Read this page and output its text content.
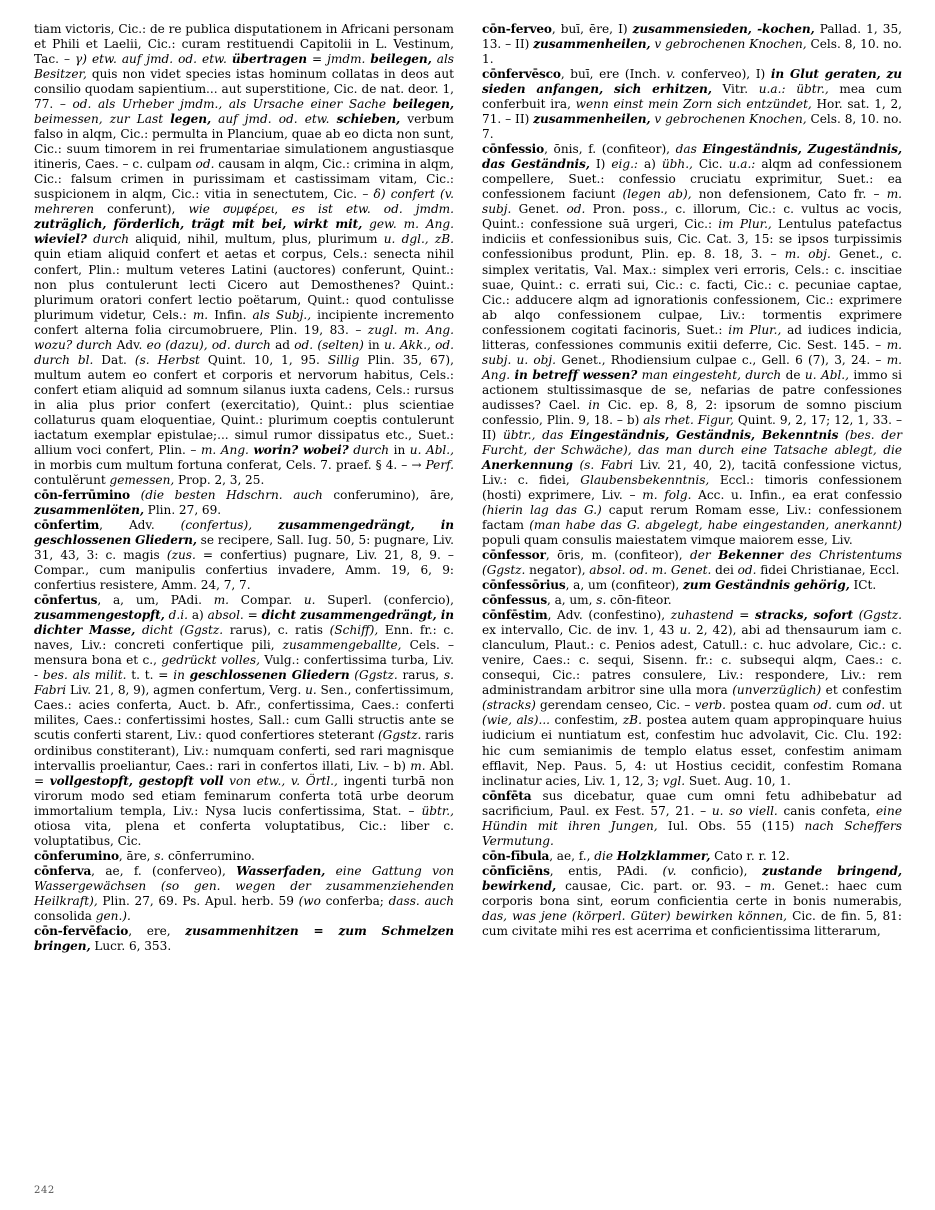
tiam victoris, Cic.: de re publica disputationem in Africani personam et Phili et Laelii, Cic.: curam restituendi Capitolii in L. Vestinum, Tac. – γ) etw. auf jmd. od. etw. übertragen = jmdm. beilegen, als Besitzer, quis non videt species istas hominum collatas in deos aut consilio quodam sapientium... aut superstitione, Cic. de nat. deor. 1, 77. – od. als Urheber jmdm., als Ursache einer Sache beilegen, beimessen, zur Last legen, auf jmd. od. etw. schieben, verbum falso in alqm, Cic.: permulta in Plancium, quae ab eo dicta non sunt, Cic.: suum timorem in rei frumentariae simulationem angustiasque itineris, Caes. – c. culpam od. causam in alqm, Cic.: crimina in alqm, Cic.: falsum crimen in purissimam et castissimam vitam, Cic.: suspicionem in alqm, Cic.: vitia in senectutem, Cic. – δ) confert (v. mehreren conferunt), wie συμφέρει, es ist etw. od. jmdm. zuträglich, förderlich, trägt mit bei, wirkt mit, gew. m. Ang. wieviel? durch aliquid, nihil, multum, plus, plurimum u. dgl., zB. quin etiam aliquid confert et aetas et corpus, Cels.: senecta nihil confert, Plin.: multum veteres Latini (auctores) conferunt, Quint.: non plus contulerunt lecti Cicero aut Demosthenes? Quint.: plurimum oratori confert lectio poëtarum, Quint.: quod contulisse plurimum videtur, Cels.: m. Infin. als Subj., incipiente incremento confert alterna folia circumobruere, Plin. 19, 83. – zugl. m. Ang. wozu? durch Adv. eo (dazu), od. durch ad od. (selten) in u. Akk., od. durch bl. Dat. (s. Herbst Quint. 10, 1, 95. Sillig Plin. 35, 67), multum autem eo confert et corporis et nervorum habitus, Cels.: confert etiam aliquid ad somnum silanus iuxta cadens, Cels.: rursus in alia plus prior confert (exercitatio), Quint.: plus scientiae collaturus quam eloquentiae, Quint.: plurimum coeptis contulerunt iactatum exemplar epistulae;... simul rumor dissipatus etc., Suet.: allium voci confert, Plin. – m. Ang. worin? wobei? durch in u. Abl., in morbis cum multum fortuna conferat, Cels. 7. praef. § 4. – → Perf. contulĕrunt gemessen, Prop. 2, 3, 25.

cōn-ferrūmino (die besten Hdschrn. auch conferumino), āre, zusammenlöten, Plin. 27, 69.

cōnfertim, Adv. (confertus), zusammengedrängt, in geschlossenen Gliedern, se recipere, Sall. Iug. 50, 5: pugnare, Liv. 31, 43, 3: c. magis (zus. = confertius) pugnare, Liv. 21, 8, 9. – Compar., cum manipulis confertius invadere, Amm. 19, 6, 9: confertius resistere, Amm. 24, 7, 7.

cōnfertus, a, um, PAdi. m. Compar. u. Superl. (confercio), zusammengestopft, d.i. a) absol. = dicht zusammengedrängt, in dichter Masse, dicht (Ggstz. rarus), c. ratis (Schiff), Enn. fr.: c. naves, Liv.: concreti confertique pili, zusammengeballte, Cels. – mensura bona et c., gedrückt volles, Vulg.: confertissima turba, Liv. - bes. als milit. t. t. = in geschlossenen Gliedern (Ggstz. rarus, s. Fabri Liv. 21, 8, 9), agmen confertum, Verg. u. Sen., confertissimum, Caes.: acies conferta, Auct. b. Afr., confertissima, Caes.: conferti milites, Caes.: confertissimi hostes, Sall.: cum Galli structis ante se scutis conferti starent, Liv.: quod confertiores steterant (Ggstz. raris ordinibus constiterant), Liv.: numquam conferti, sed rari magnisque intervallis proeliantur, Caes.: rari in confertos illati, Liv. – b) m. Abl. = vollgestopft, gestopft voll von etw., v. Örtl., ingenti turbā non virorum modo sed etiam feminarum conferta totā urbe deorum immortalium templa, Liv.: Nysa lucis confertissima, Stat. – übtr., otiosa vita, plena et conferta voluptatibus, Cic.: liber c. voluptatibus, Cic.

cōnferumino, āre, s. cōnferrumino.

cōnferva, ae, f. (conferveo), Wasserfaden, eine Gattung von Wassergewächsen (so gen. wegen der zusammenziehenden Heilkraft), Plin. 27, 69. Ps. Apul. herb. 59 (wo conferba; dass. auch consolida gen.).

cōn-fervēfacio, ere, zusammenhitzen = zum Schmelzen bringen, Lucr. 6, 353.

cōn-ferveo, buī, ēre, I) zusammensieden, -kochen, Pallad. 1, 35, 13. – II) zusammenheilen, v gebrochenen Knochen, Cels. 8, 10. no. 1.

cōnfervēsco, buī, ere (Inch. v. conferveo), I) in Glut geraten, zu sieden anfangen, sich erhitzen, Vitr. u.a.: übtr., mea cum conferbuit ira, wenn einst mein Zorn sich entzündet, Hor. sat. 1, 2, 71. – II) zusammenheilen, v gebrochenen Knochen, Cels. 8, 10. no. 7.

cōnfessio, ōnis, f. (confiteor), das Eingeständnis, Zugeständnis, das Geständnis, I) eig.: a) übh., Cic. u.a.: alqm ad confessionem compellere, Suet.: confessio cruciatu exprimitur, Suet.: ea confessionem faciunt (legen ab), non defensionem, Cato fr. – m. subj. Genet. od. Pron. poss., c. illorum, Cic.: c. vultus ac vocis, Quint.: confessione suā urgeri, Cic.: im Plur., Lentulus patefactus indiciis et confessionibus suis, Cic. Cat. 3, 15: se ipsos turpissimis confessionibus produnt, Plin. ep. 8. 18, 3. – m. obj. Genet., c. simplex veritatis, Val. Max.: simplex veri erroris, Cels.: c. inscitiae suae, Quint.: c. errati sui, Cic.: c. facti, Cic.: c. pecuniae captae, Cic.: adducere alqm ad ignorationis confessionem, Cic.: exprimere ab alqo confessionem culpae, Liv.: tormentis exprimere confessionem cogitati facinoris, Suet.: im Plur., ad iudices indicia, litteras, confessiones communis exitii deferre, Cic. Sest. 145. – m. subj. u. obj. Genet., Rhodiensium culpae c., Gell. 6 (7), 3, 24. – m. Ang. in betreff wessen? man eingesteht, durch de u. Abl., immo si actionem stultissimasque de se, nefarias de patre confessiones audisses? Cael. in Cic. ep. 8, 8, 2: ipsorum de somno piscium confessio, Plin. 9, 18. – b) als rhet. Figur, Quint. 9, 2, 17; 12, 1, 33. – II) übtr., das Eingeständnis, Geständnis, Bekenntnis (bes. der Furcht, der Schwäche), das man durch eine Tatsache ablegt, die Anerkennung (s. Fabri Liv. 21, 40, 2), tacitā confessione victus, Liv.: c. fidei, Glaubensbekenntnis, Eccl.: timoris confessionem (hosti) exprimere, Liv. – m. folg. Acc. u. Infin., ea erat confessio (hierin lag das G.) caput rerum Romam esse, Liv.: confessionem factam (man habe das G. abgelegt, habe eingestanden, anerkannt) populi quam consulis maiestatem vimque maiorem esse, Liv.

cōnfessor, ōris, m. (confiteor), der Bekenner des Christentums (Ggstz. negator), absol. od. m. Genet. dei od. fidei Christianae, Eccl.

cōnfessōrius, a, um (confiteor), zum Geständnis gehörig, ICt.

cōnfessus, a, um, s. cōn-fiteor.

cōnfēstim, Adv. (confestino), zuhastend = stracks, sofort (Ggstz. ex intervallo, Cic. de inv. 1, 43 u. 2, 42), abi ad thensaurum iam c. clanculum, Plaut.: c. Penios adest, Catull.: c. huc advolare, Cic.: c. venire, Caes.: c. sequi, Sisenn. fr.: c. subsequi alqm, Caes.: c. consequi, Cic.: patres consulere, Liv.: respondere, Liv.: rem administrandam arbitror sine ulla mora (unverzüglich) et confestim (stracks) gerendam censeo, Cic. – verb. postea quam od. cum od. ut (wie, als)... confestim, zB. postea autem quam appropinquare huius iudicium ei nuntiatum est, confestim huc advolavit, Cic. Clu. 192: hic cum semianimis de templo elatus esset, confestim animam efflavit, Nep. Paus. 5, 4: ut Hostius cecidit, confestim Romana inclinatur acies, Liv. 1, 12, 3; vgl. Suet. Aug. 10, 1.

cōnfēta sus dicebatur, quae cum omni fetu adhibebatur ad sacrificium, Paul. ex Fest. 57, 21. – u. so viell. canis confeta, eine Hündin mit ihren Jungen, Iul. Obs. 55 (115) nach Scheffers Vermutung.

cōn-fībula, ae, f., die Holzklammer, Cato r. r. 12.

cōnfīciēns, entis, PAdi. (v. conficio), zustande bringend, bewirkend, causae, Cic. part. or. 93. – m. Genet.: haec cum corporis bona sint, eorum conficientia certe in bonis numerabis, das, was jene (körperl. Güter) bewirken können, Cic. de fin. 5, 81: cum civitate mihi res est acerrima et conficientissima litterarum,

242
